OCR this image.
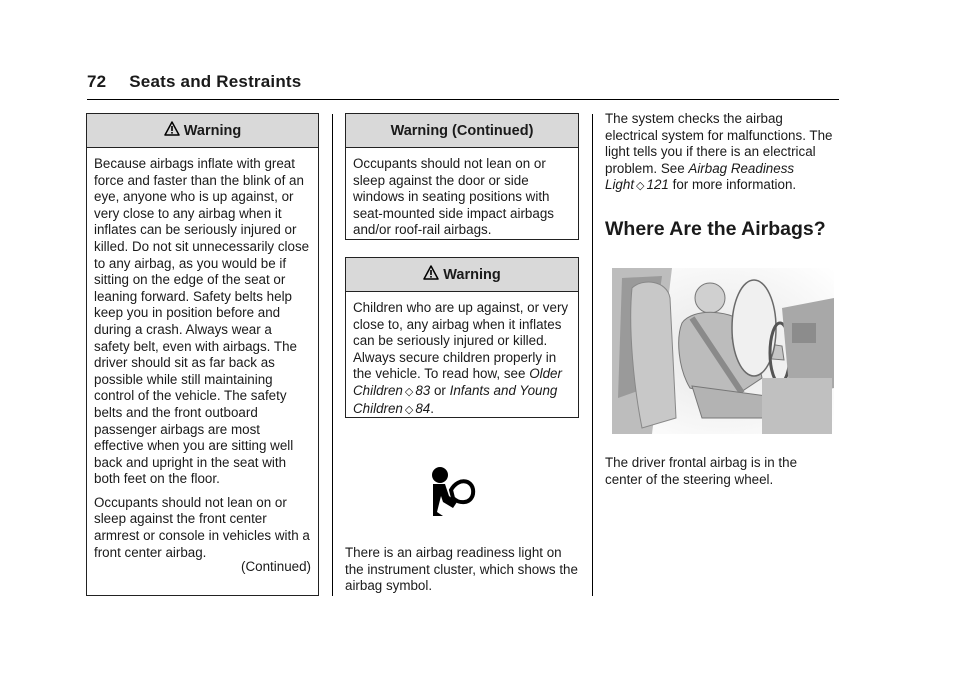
72 Seats and Restraints
Warning

Because airbags inflate with great force and faster than the blink of an eye, anyone who is up against, or very close to any airbag when it inflates can be seriously injured or killed. Do not sit unnecessarily close to any airbag, as you would be if sitting on the edge of the seat or leaning forward. Safety belts help keep you in position before and during a crash. Always wear a safety belt, even with airbags. The driver should sit as far back as possible while still maintaining control of the vehicle. The safety belts and the front outboard passenger airbags are most effective when you are sitting well back and upright in the seat with both feet on the floor.

Occupants should not lean on or sleep against the front center armrest or console in vehicles with a front center airbag.

(Continued)
Warning (Continued)

Occupants should not lean on or sleep against the door or side windows in seating positions with seat-mounted side impact airbags and/or roof-rail airbags.

Warning

Children who are up against, or very close to, any airbag when it inflates can be seriously injured or killed. Always secure children properly in the vehicle. To read how, see Older Children ◇ 83 or Infants and Young Children ◇ 84.

There is an airbag readiness light on the instrument cluster, which shows the airbag symbol.

The system checks the airbag electrical system for malfunctions. The light tells you if there is an electrical problem. See Airbag Readiness Light ◇ 121 for more information.

Where Are the Airbags?

The driver frontal airbag is in the center of the steering wheel.
